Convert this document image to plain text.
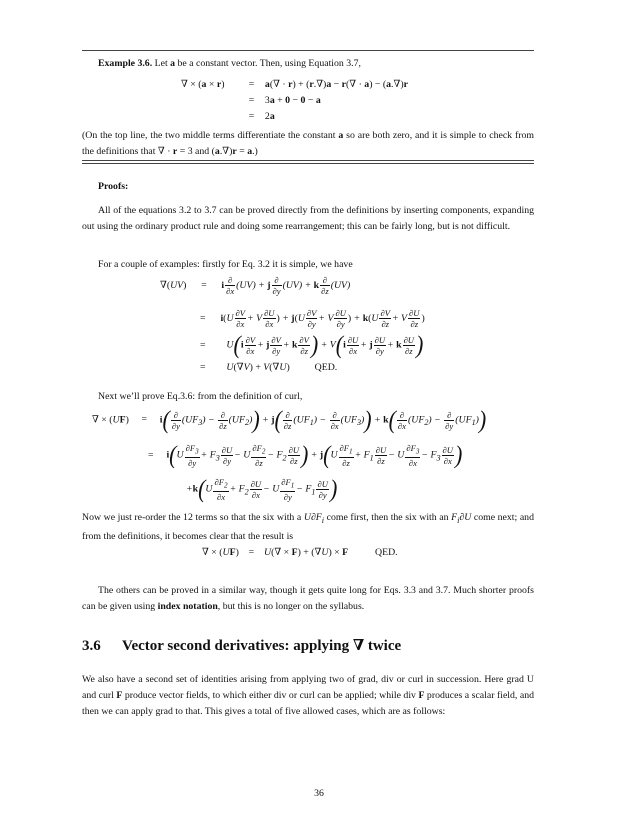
Example 3.6. Let a be a constant vector. Then, using Equation 3.7,
∇ × (a × r) = a(∇ · r) + (r.∇)a − r(∇ · a) − (a.∇)r
= 3a + 0 − 0 − a
= 2a
(On the top line, the two middle terms differentiate the constant a so are both zero, and it is simple to check from the definitions that ∇ · r = 3 and (a.∇)r = a.)
Proofs:
All of the equations 3.2 to 3.7 can be proved directly from the definitions by inserting components, expanding out using the ordinary product rule and doing some rearrangement; this can be fairly long, but is not difficult.
For a couple of examples: firstly for Eq. 3.2 it is simple, we have
∇(UV) = i $\frac{\partial}{\partial x} (UV) + j \frac{\partial}{\partial y} (UV) + k \frac{\partial}{\partial z} (UV)$
= $i(U \frac{\partial V}{\partial x} + V \frac{\partial U}{\partial x}$ ) + $j(U \frac{\partial V}{\partial y} + V \frac{\partial U}{\partial y}$ ) + $k(U \frac{\partial V}{\partial z} + V \frac{\partial U}{\partial z}$ )
=  $U(i \frac{\partial V}{\partial x} + j \frac{\partial V}{\partial y} + k \frac{\partial V}{\partial z}$ ) + $V(i \frac{\partial U}{\partial x} + j \frac{\partial U}{\partial y} + k \frac{\partial U}{\partial z}$ )
=  U(∇V) + V(∇U)	QED.
Next we’ll prove Eq.3.6: from the definition of curl,
∇ × $(UF) = i( \frac{\partial}{\partial y} (UF_3) - \frac{\partial}{\partial z} (UF_2)) + j( \frac{\partial}{\partial z} (UF_1) - \frac{\partial}{\partial x} (UF_3)) + k( \frac{\partial}{\partial x} (UF_2) - \frac{\partial}{\partial y} (UF_1))$
= $i(U \frac{\partial F_3}{\partial y} + F_3 \frac{\partial U}{\partial y} - U \frac{\partial F_2}{\partial z} - F_2 \frac{\partial U}{\partial z}$ ) + $j(U \frac{\partial F_1}{\partial z} + F_1 \frac{\partial U}{\partial z} - U \frac{\partial F_3}{\partial x} - F_3 \frac{\partial U}{\partial x}$ )
$+k(U \frac{\partial F_2}{\partial x} + F_2 \frac{\partial U}{\partial x} - U \frac{\partial F_1}{\partial y} - F_1 \frac{\partial U}{\partial y}$ )
Now we just re-order the 12 terms so that the six with a $U\partial F_i$ come first, then the six with an $F_i\partial U$ come next; and from the definitions, it becomes clear that the result is
∇ × (UF)    =    U(∇ × F) + (∇U) × F	QED.
The others can be proved in a similar way, though it gets quite long for Eqs. 3.3 and 3.7. Much shorter proofs can be given using index notation, but this is no longer on the syllabus.
3.6 Vector second derivatives: applying ∇ twice
We also have a second set of identities arising from applying two of grad, div or curl in succession. Here grad U and curl F produce vector fields, to which either div or curl can be applied; while div F produces a scalar field, and then we can apply grad to that. This gives a total of five allowed cases, which are as follows:
36
